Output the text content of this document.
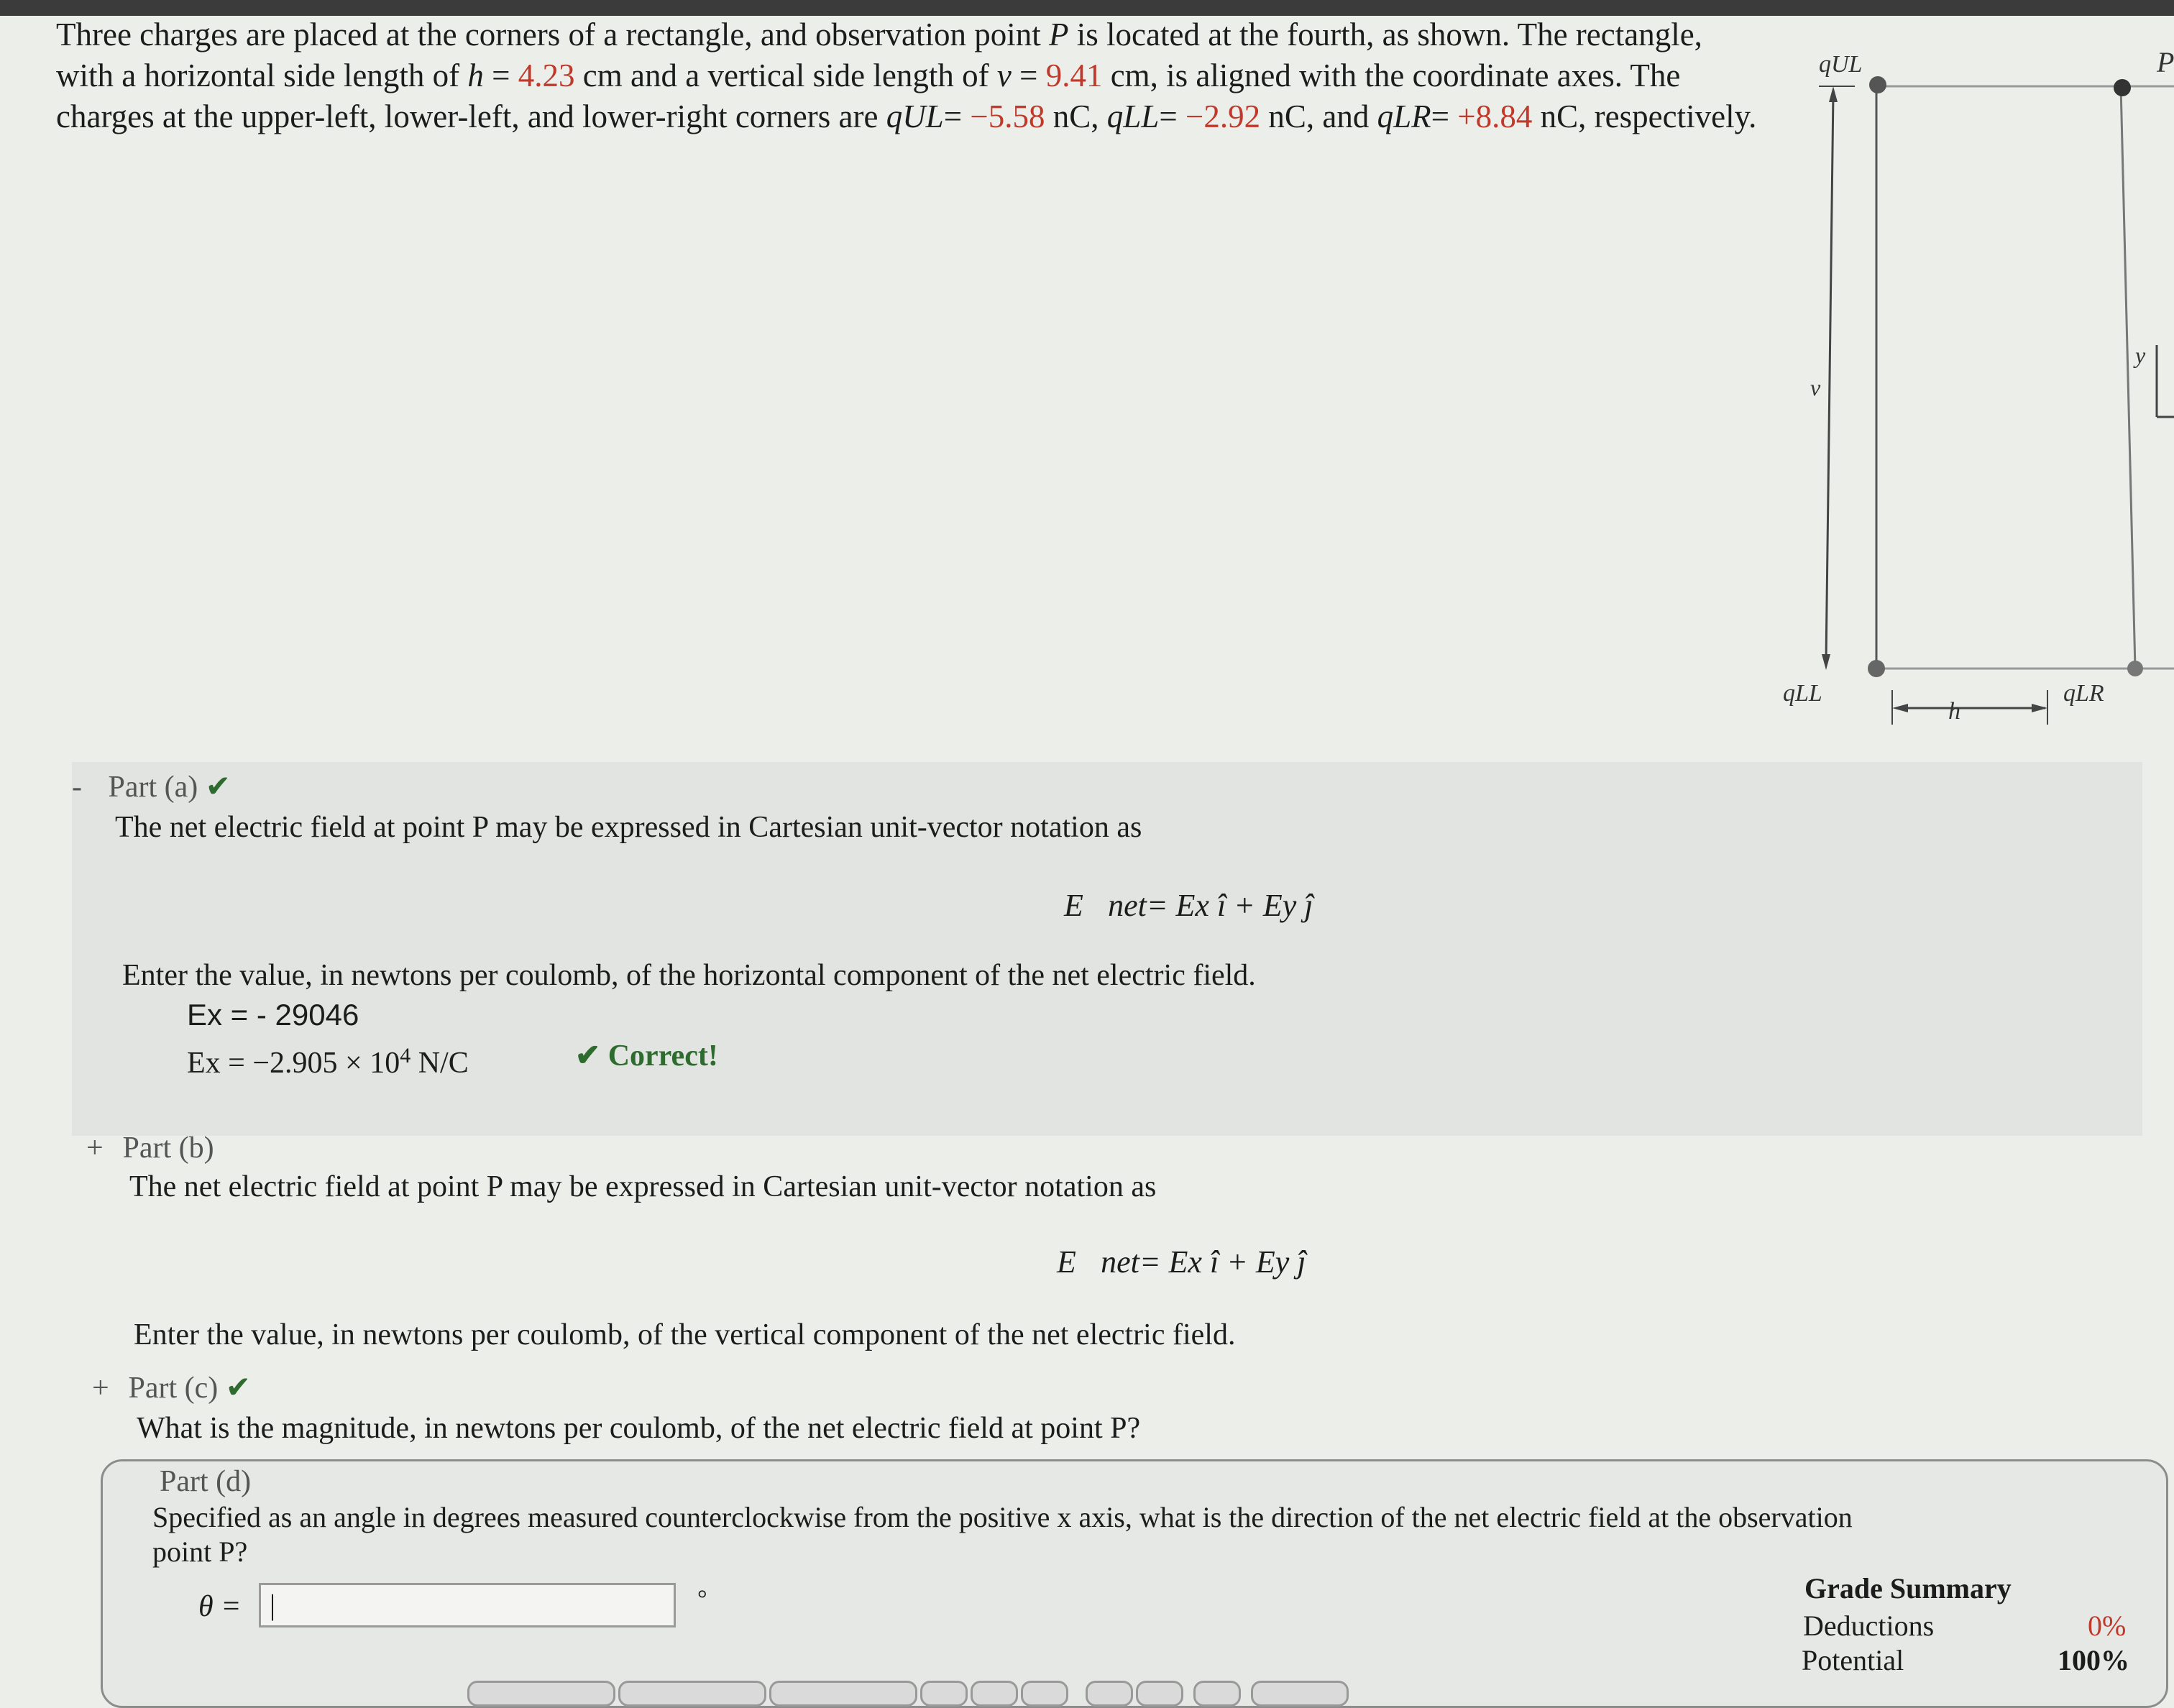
Three charges are placed at the corners of a rectangle, and observation point P is located at the fourth, as shown. The rectangle, with a horizontal side length of h = 4.23 cm and a vertical side length of v = 9.41 cm, is aligned with the coordinate axes. The charges at the upper-left, lower-left, and lower-right corners are qUL= −5.58 nC, qLL= −2.92 nC, and qLR= +8.84 nC, respectively.
qUL	P
v
y
qLL
h
qLR
- Part (a) ✔
The net electric field at point P may be expressed in Cartesian unit-vector notation as
E⃗net= Ex î + Ey ĵ
Enter the value, in newtons per coulomb, of the horizontal component of the net electric field.
Ex = - 29046
$Ex = -2.905 \times 10^4$ N/C	✔ Correct!
+ Part (b)
The net electric field at point P may be expressed in Cartesian unit-vector notation as
E⃗net= Ex î + Ey ĵ
Enter the value, in newtons per coulomb, of the vertical component of the net electric field.
+ Part (c) ✔
What is the magnitude, in newtons per coulomb, of the net electric field at point P?
Part (d)
Specified as an angle in degrees measured counterclockwise from the positive x axis, what is the direction of the net electric field at the observation
point P?
θ = |	°	Grade Summary
Deductions	0%
Potential	100%
